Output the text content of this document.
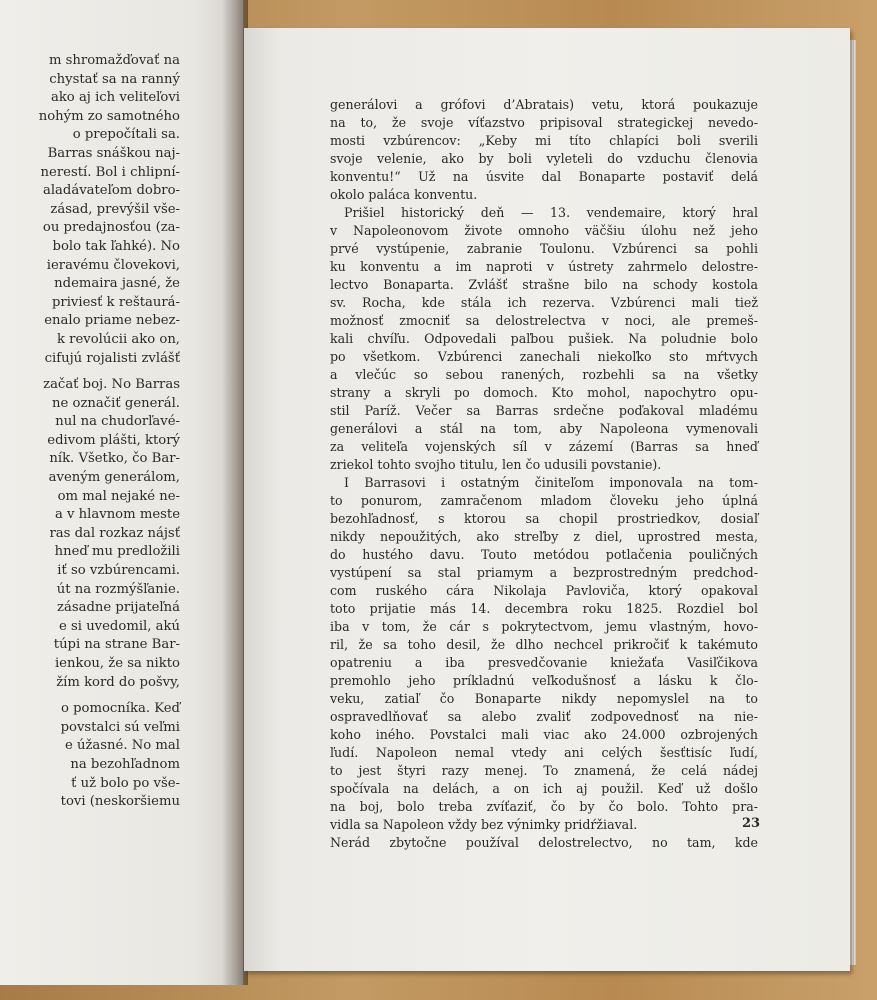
m shromažďovať na
chystať sa na ranný
ako aj ich veliteľovi
nohým zo samotného
o prepočítali sa.
Barras snáškou naj-
nerestí. Bol i chlipní-
aladávateľom dobro-
zásad, prevýšil vše-
ou predajnosťou (za-
bolo tak ľahké). No
ieravému človekovi,
ndemaira jasné, že
priviesť k reštaurá-
enalo priame nebez-
k revolúcii ako on,
cifujú rojalisti zvlášť
začať boj. No Barras
ne označiť generál.
nul na chudorľavé-
edivom plášti, ktorý
ník. Všetko, čo Bar-
aveným generálom,
om mal nejaké ne-
a v hlavnom meste
ras dal rozkaz nájsť
hneď mu predložili
iť so vzbúrencami.
út na rozmýšľanie.
zásadne prijateľná
e si uvedomil, akú
túpi na strane Bar-
ienkou, že sa nikto
žím kord do pošvy,
o pomocníka. Keď
povstalci sú veľmi
e úžasné. No mal
na bezohľadnom
ť už bolo po vše-
tovi (neskoršiemu
generálovi a grófovi d’Abratais) vetu, ktorá poukazuje
na to, že svoje víťazstvo pripisoval strategickej nevedo-
mosti vzbúrencov: „Keby mi títo chlapíci boli sverili
svoje velenie, ako by boli vyleteli do vzduchu členovia
konventu!“ Už na úsvite dal Bonaparte postaviť delá
okolo paláca konventu.
Prišiel historický deň — 13. vendemaire, ktorý hral
v Napoleonovom živote omnoho väčšiu úlohu než jeho
prvé vystúpenie, zabranie Toulonu. Vzbúrenci sa pohli
ku konventu a im naproti v ústrety zahrmelo delostre-
lectvo Bonaparta. Zvlášť strašne bilo na schody kostola
sv. Rocha, kde stála ich rezerva. Vzbúrenci mali tiež
možnosť zmocniť sa delostrelectva v noci, ale premeš-
kali chvíľu. Odpovedali paľbou pušiek. Na poludnie bolo
po všetkom. Vzbúrenci zanechali niekoľko sto mŕtvych
a vlečúc so sebou ranených, rozbehli sa na všetky
strany a skryli po domoch. Kto mohol, napochytro opu-
stil Paríž. Večer sa Barras srdečne poďakoval mladému
generálovi a stál na tom, aby Napoleona vymenovali
za veliteľa vojenských síl v zázemí (Barras sa hneď
zriekol tohto svojho titulu, len čo udusili povstanie).
I Barrasovi i ostatným činiteľom imponovala na tom-
to ponurom, zamračenom mladom človeku jeho úplná
bezohľadnosť, s ktorou sa chopil prostriedkov, dosiaľ
nikdy nepoužitých, ako streľby z diel, uprostred mesta,
do hustého davu. Touto metódou potlačenia pouličných
vystúpení sa stal priamym a bezprostredným predchod-
com ruského cára Nikolaja Pavloviča, ktorý opakoval
toto prijatie más 14. decembra roku 1825. Rozdiel bol
iba v tom, že cár s pokrytectvom, jemu vlastným, hovo-
ril, že sa toho desil, že dlho nechcel prikročiť k takémuto
opatreniu a iba presvedčovanie kniežaťa Vasiľčikova
premohlo jeho príkladnú veľkodušnosť a lásku k člo-
veku, zatiaľ čo Bonaparte nikdy nepomyslel na to
ospravedlňovať sa alebo zvaliť zodpovednosť na nie-
koho iného. Povstalci mali viac ako 24.000 ozbrojených
ľudí. Napoleon nemal vtedy ani celých šesťtisíc ľudí,
to jest štyri razy menej. To znamená, že celá nádej
spočívala na delách, a on ich aj použil. Keď už došlo
na boj, bolo treba zvíťaziť, čo by čo bolo. Tohto pra-
vidla sa Napoleon vždy bez výnimky pridŕžiaval.
Nerád zbytočne používal delostrelectvo, no tam, kde
23
